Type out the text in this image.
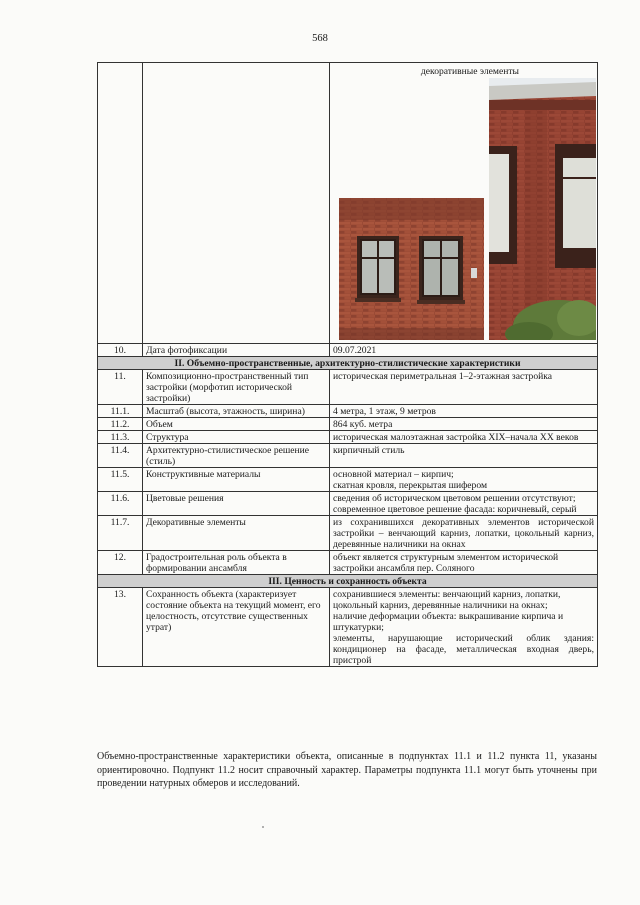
568

		декоративные элементы

10.	Дата фотофиксации	09.07.2021
II. Объемно-пространственные, архитектурно-стилистические характеристики		
11.	Композиционно-пространственный тип застройки (морфотип исторической застройки)	историческая периметральная 1–2-этажная застройка
11.1.	Масштаб (высота, этажность, ширина)	4 метра, 1 этаж, 9 метров
11.2.	Объем	864 куб. метра
11.3.	Структура	историческая малоэтажная застройка XIX–начала XX веков
11.4.	Архитектурно-стилистическое решение (стиль)	кирпичный стиль
11.5.	Конструктивные материалы	основной материал – кирпич;
скатная кровля, перекрытая шифером

11.6.	Цветовые решения	сведения об историческом цветовом решении отсутствуют;
современное цветовое решение фасада: коричневый, серый

11.7.	Декоративные элементы	из сохранившихся декоративных элементов исторической застройки – венчающий карниз, лопатки, цокольный карниз, деревянные наличники на окнах
12.	Градостроительная роль объекта в формировании ансамбля	объект является структурным элементом исторической застройки ансамбля пер. Соляного
III. Ценность и сохранность объекта		
13.	Сохранность объекта (характеризует состояние объекта на текущий момент, его целостность, отсутствие существенных утрат)	сохранившиеся элементы: венчающий карниз, лопатки, цокольный карниз, деревянные наличники на окнах;
наличие деформации объекта: выкрашивание кирпича и штукатурки;
элементы, нарушающие исторический облик здания: кондиционер на фасаде, металлическая входная дверь, пристрой
Объемно-пространственные характеристики объекта, описанные в подпунктах 11.1 и 11.2 пункта 11, указаны ориентировочно. Подпункт 11.2 носит справочный характер. Параметры подпункта 11.1 могут быть уточнены при проведении натурных обмеров и исследований.
